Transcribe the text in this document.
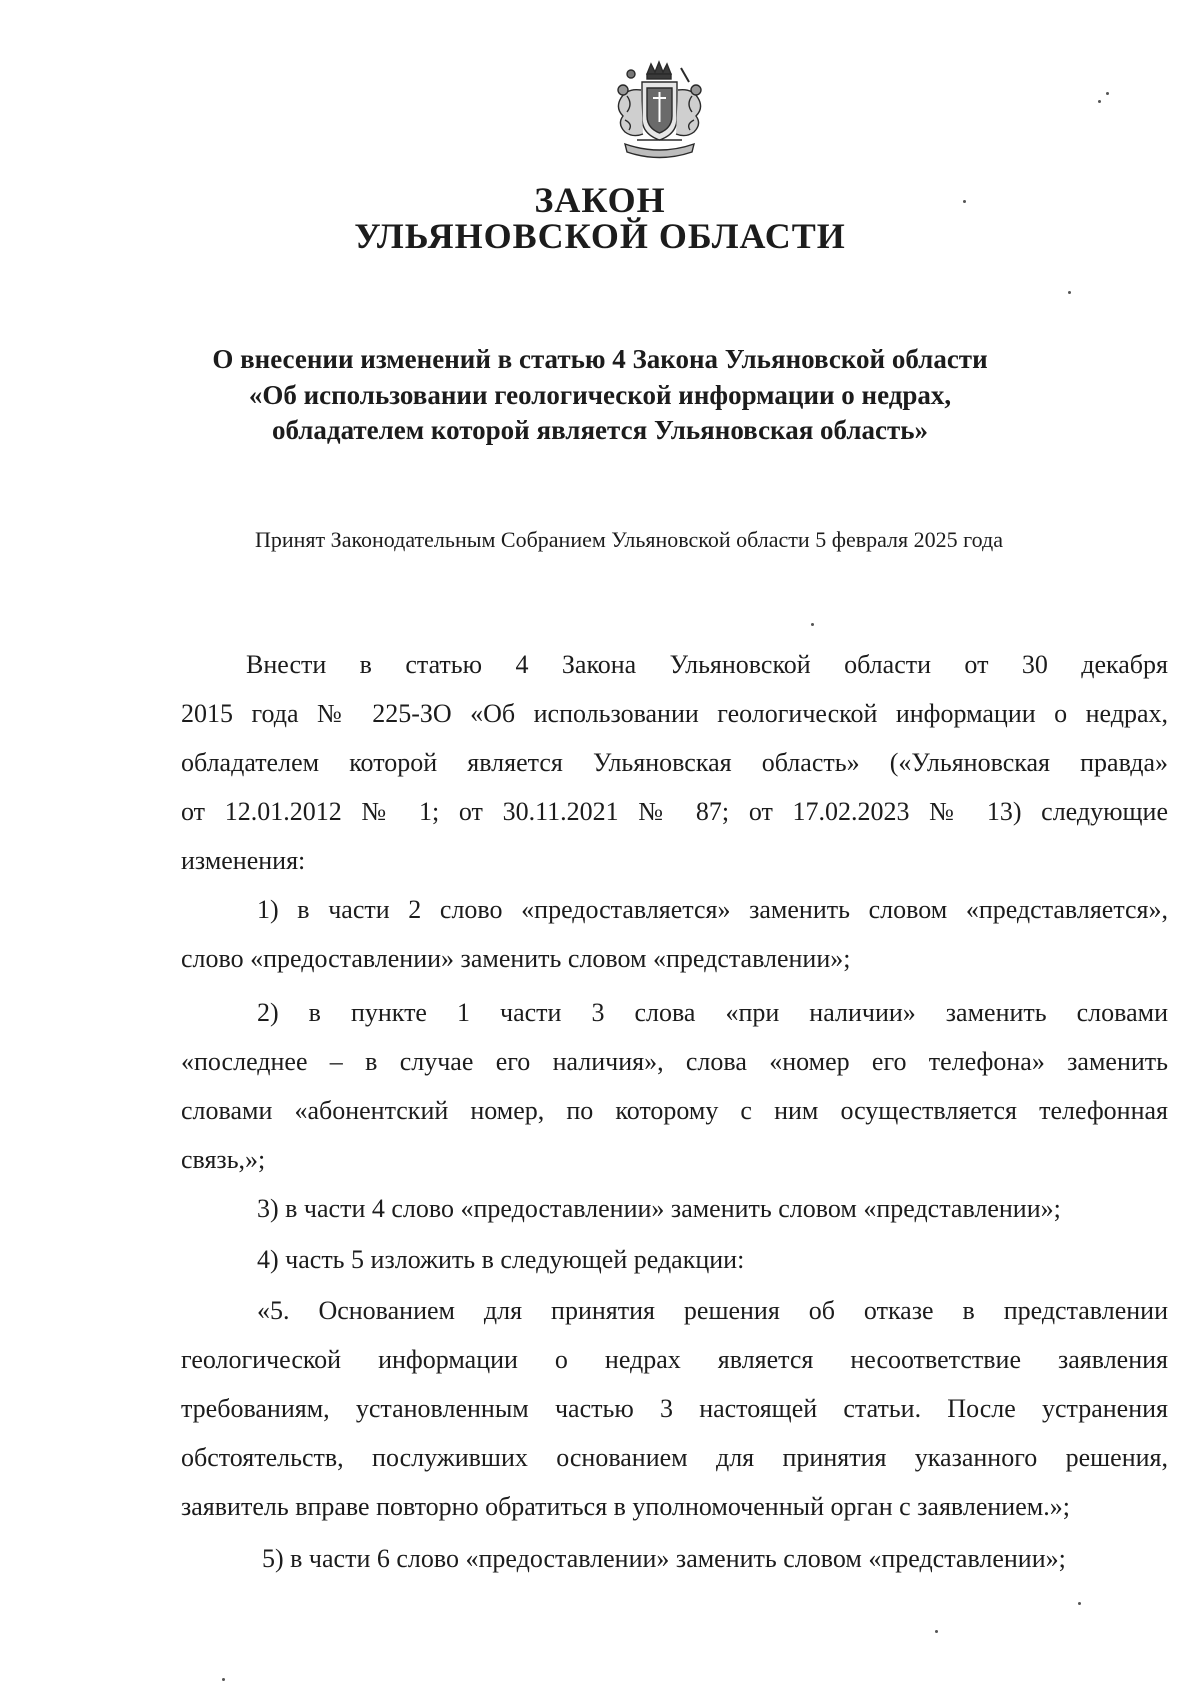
ЗАКОН
УЛЬЯНОВСКОЙ ОБЛАСТИ
О внесении изменений в статью 4 Закона Ульяновской области
«Об использовании геологической информации о недрах,
обладателем которой является Ульяновская область»
Принят Законодательным Собранием Ульяновской области 5 февраля 2025 года
Внести в статью 4 Закона Ульяновской области от 30 декабря
2015 года № 225-ЗО «Об использовании геологической информации о недрах,
обладателем которой является Ульяновская область» («Ульяновская правда»
от 12.01.2012 № 1; от 30.11.2021 № 87; от 17.02.2023 № 13) следующие
изменения:
1) в части 2 слово «предоставляется» заменить словом «представляется»,
слово «предоставлении» заменить словом «представлении»;
2) в пункте 1 части 3 слова «при наличии» заменить словами
«последнее – в случае его наличия», слова «номер его телефона» заменить
словами «абонентский номер, по которому с ним осуществляется телефонная
связь,»;
3) в части 4 слово «предоставлении» заменить словом «представлении»;
4) часть 5 изложить в следующей редакции:
«5. Основанием для принятия решения об отказе в представлении
геологической информации о недрах является несоответствие заявления
требованиям, установленным частью 3 настоящей статьи. После устранения
обстоятельств, послуживших основанием для принятия указанного решения,
заявитель вправе повторно обратиться в уполномоченный орган с заявлением.»;
5) в части 6 слово «предоставлении» заменить словом «представлении»;
